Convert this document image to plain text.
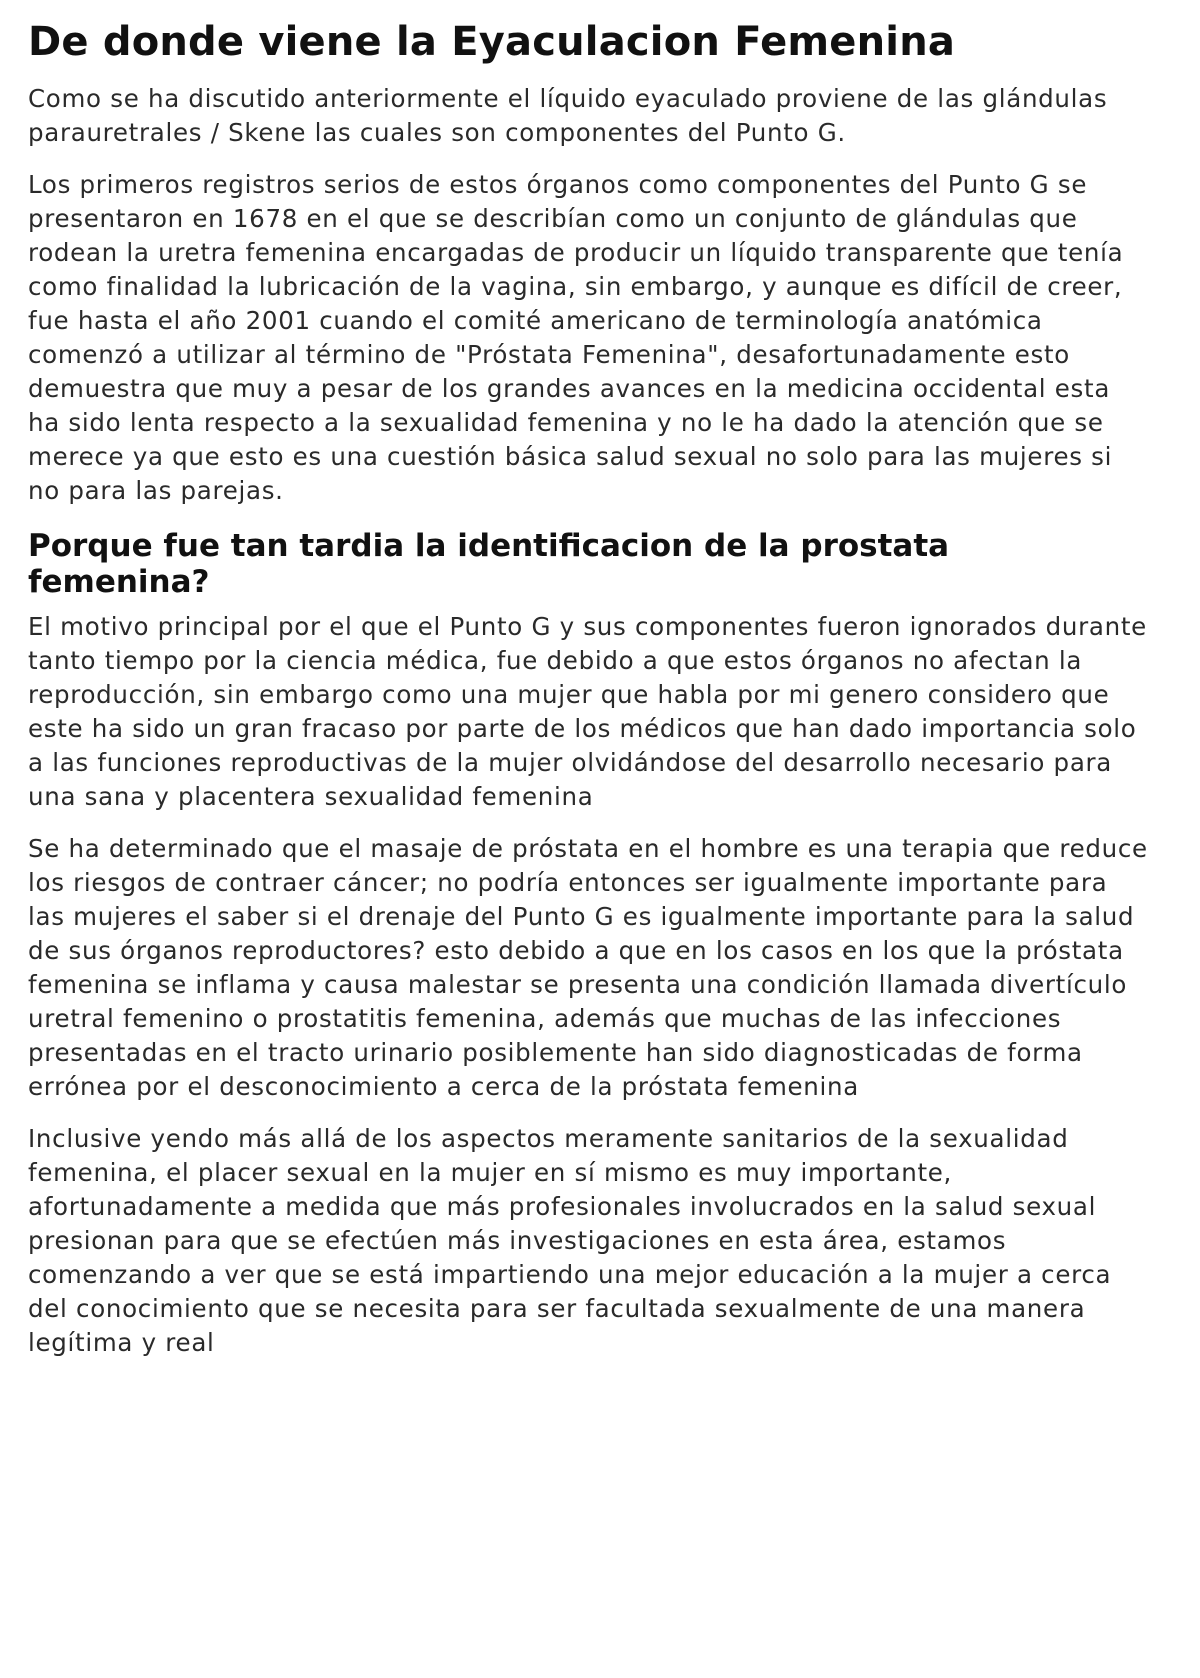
De donde viene la Eyaculacion Femenina

Como se ha discutido anteriormente el líquido eyaculado proviene de las glándulas parauretrales / Skene las cuales son componentes del Punto G.

Los primeros registros serios de estos órganos como componentes del Punto G se presentaron en 1678 en el que se describían como un conjunto de glándulas que rodean la uretra femenina encargadas de producir un líquido transparente que tenía como finalidad la lubricación de la vagina, sin embargo, y aunque es difícil de creer, fue hasta el año 2001 cuando el comité americano de terminología anatómica comenzó a utilizar al término de "Próstata Femenina", desafortunadamente esto demuestra que muy a pesar de los grandes avances en la medicina occidental esta ha sido lenta respecto a la sexualidad femenina y no le ha dado la atención que se merece ya que esto es una cuestión básica salud sexual no solo para las mujeres si no para las parejas.

Porque fue tan tardia la identificacion de la prostata femenina?

El motivo principal por el que el Punto G y sus componentes fueron ignorados durante tanto tiempo por la ciencia médica, fue debido a que estos órganos no afectan la reproducción, sin embargo como una mujer que habla por mi genero considero que este ha sido un gran fracaso por parte de los médicos que han dado importancia solo a las funciones reproductivas de la mujer olvidándose del desarrollo necesario para una sana y placentera sexualidad femenina

Se ha determinado que el masaje de próstata en el hombre es una terapia que reduce los riesgos de contraer cáncer; no podría entonces ser igualmente importante para las mujeres el saber si el drenaje del Punto G es igualmente importante para la salud de sus órganos reproductores? esto debido a que en los casos en los que la próstata femenina se inflama y causa malestar se presenta una condición llamada divertículo uretral femenino o prostatitis femenina, además que muchas de las infecciones presentadas en el tracto urinario posiblemente han sido diagnosticadas de forma errónea por el desconocimiento a cerca de la próstata femenina

Inclusive yendo más allá de los aspectos meramente sanitarios de la sexualidad femenina, el placer sexual en la mujer en sí mismo es muy importante, afortunadamente a medida que más profesionales involucrados en la salud sexual presionan para que se efectúen más investigaciones en esta área, estamos comenzando a ver que se está impartiendo una mejor educación a la mujer a cerca del conocimiento que se necesita para ser facultada sexualmente de una manera legítima y real
